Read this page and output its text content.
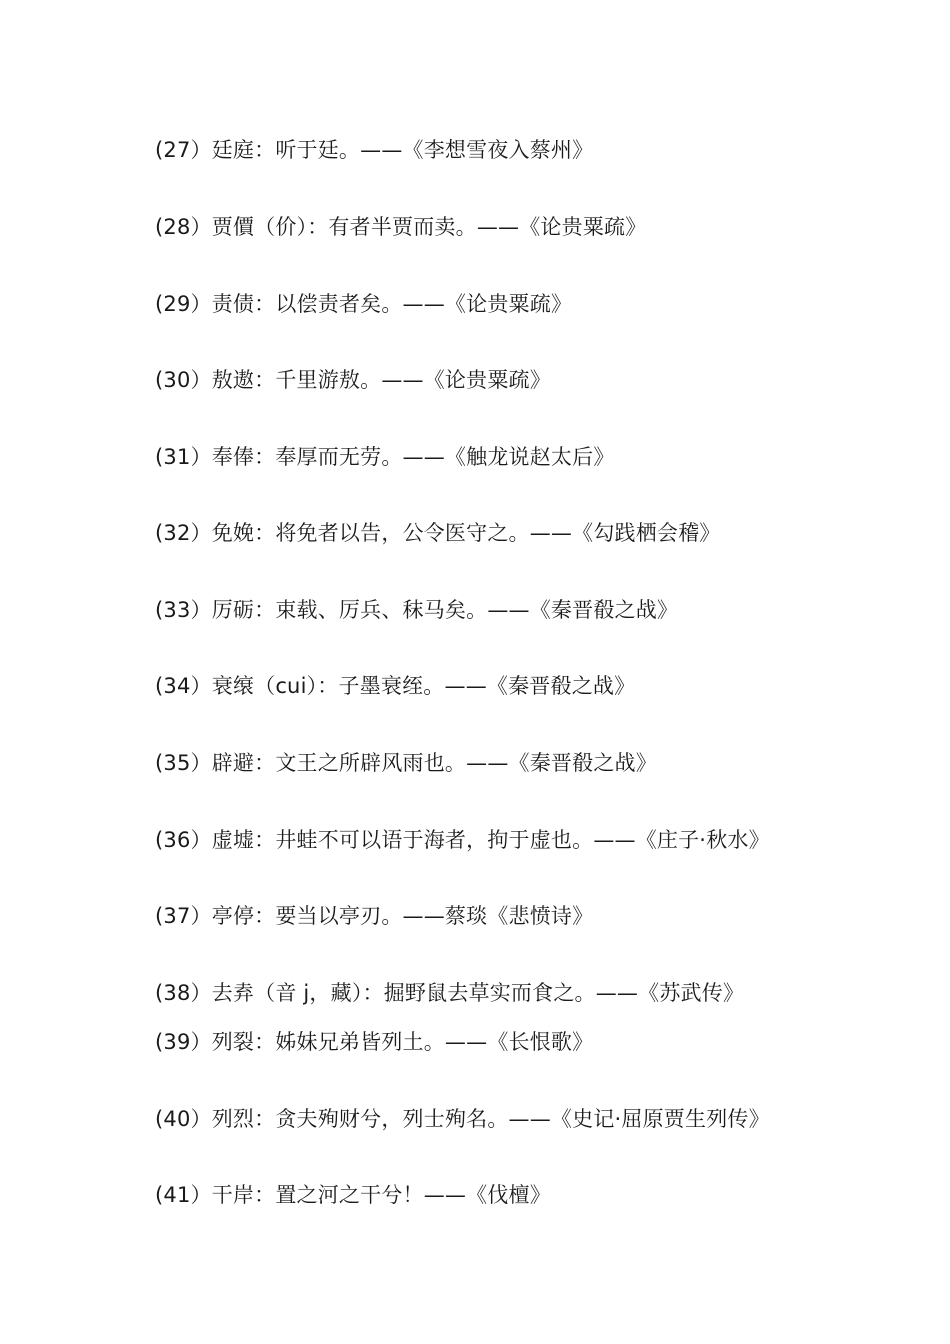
(27）廷庭：听于廷。——《李想雪夜入蔡州》
(28）贾價（价）：有者半贾而卖。——《论贵粟疏》
(29）责债：以偿责者矣。——《论贵粟疏》
(30）敖遨：千里游敖。——《论贵粟疏》
(31）奉俸：奉厚而无劳。——《触龙说赵太后》
(32）免娩：将免者以告，公令医守之。——《勾践栖会稽》
(33）厉砺：束载、厉兵、秣马矣。——《秦晋殽之战》
(34）衰缞（cui）：子墨衰绖。——《秦晋殽之战》
(35）辟避：文王之所辟风雨也。——《秦晋殽之战》
(36）虚墟：井蛙不可以语于海者，拘于虚也。——《庄子·秋水》
(37）亭停：要当以亭刃。——蔡琰《悲愤诗》
(38）去弆（音 j，藏）：掘野鼠去草实而食之。——《苏武传》
(39）列裂：姊妹兄弟皆列土。——《长恨歌》
(40）列烈：贪夫殉财兮，列士殉名。——《史记·屈原贾生列传》
(41）干岸：置之河之干兮！——《伐檀》
